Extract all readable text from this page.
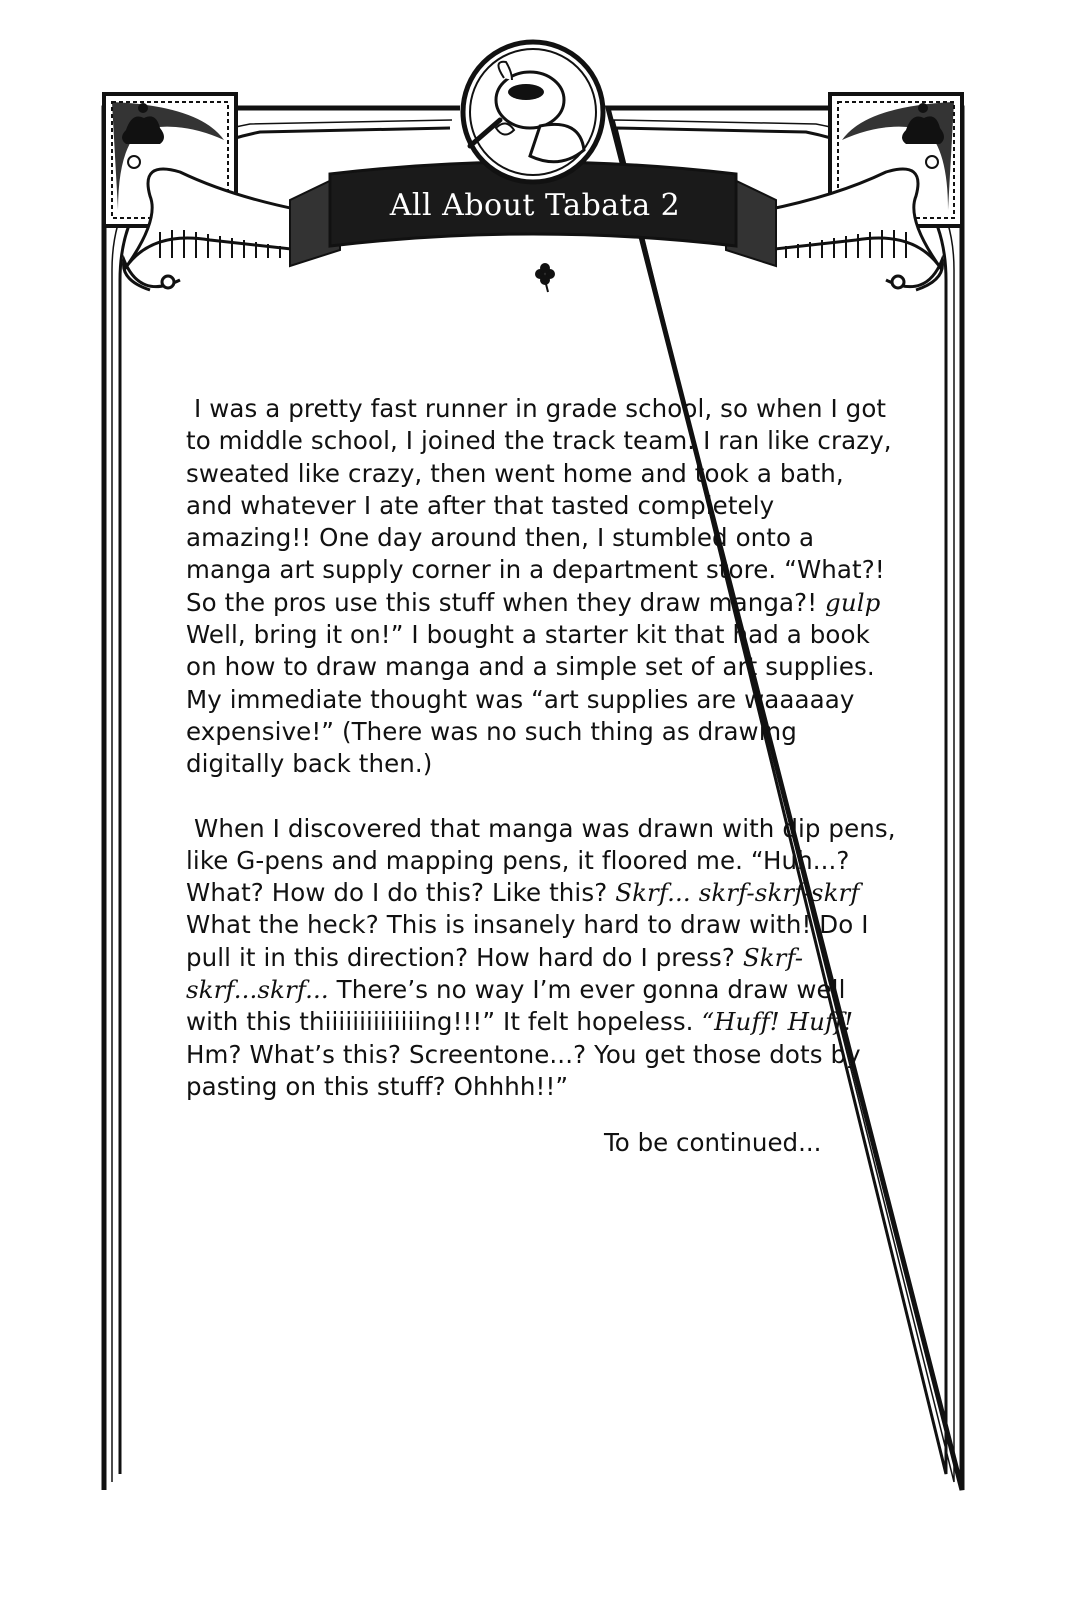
All About Tabata 2

I was a pretty fast runner in grade school, so when I got to middle school, I joined the track team. I ran like crazy, sweated like crazy, then went home and took a bath, and whatever I ate after that tasted completely amazing!! One day around then, I stumbled onto a manga art supply corner in a department store. “What?! So the pros use this stuff when they draw manga?! gulp Well, bring it on!” I bought a starter kit that had a book on how to draw manga and a simple set of art supplies. My immediate thought was “art supplies are waaaaay expensive!” (There was no such thing as drawing digitally back then.)

When I discovered that manga was drawn with dip pens, like G-pens and mapping pens, it floored me. “Huh...? What? How do I do this? Like this? Skrf... skrf-skrf-skrf What the heck? This is insanely hard to draw with! Do I pull it in this direction? How hard do I press? Skrf-skrf...skrf... There’s no way I’m ever gonna draw well with this thiiiiiiiiiiiiiing!!!” It felt hopeless. “Huff! Huff! Hm? What’s this? Screentone...? You get those dots by pasting on this stuff? Ohhhh!!”

To be continued...
